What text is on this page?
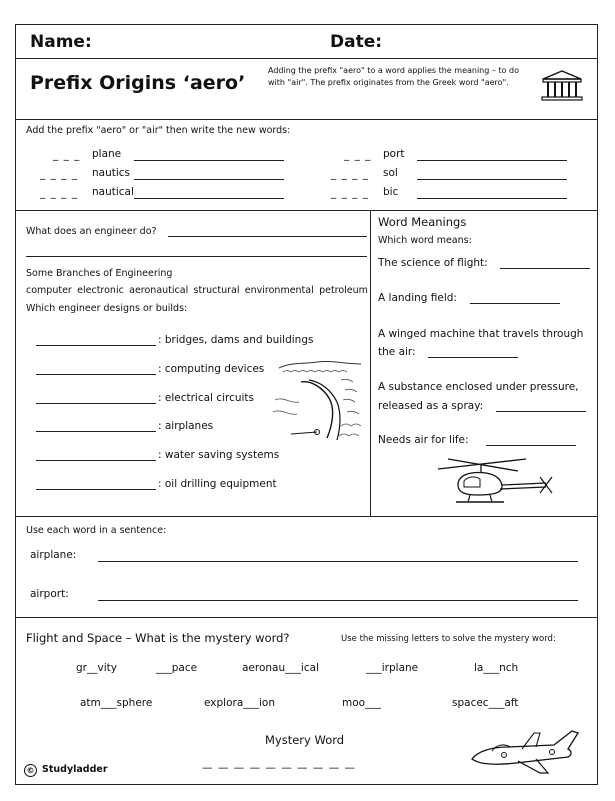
Name:	Date:
Prefix Origins ‘aero’
Adding the prefix "aero" to a word applies the meaning – to do with "air". The prefix originates from the Greek word "aero".
Add the prefix "aero" or "air" then write the new words:
_ _ _ plane
_ _ _ _ nautics
_ _ _ _ nautical
_ _ _ port
_ _ _ _ sol
_ _ _ _ bic
What does an engineer do?
Some Branches of Engineering
computer electronic aeronautical structural environmental petroleum
Which engineer designs or builds:
: bridges, dams and buildings
: computing devices
: electrical circuits
: airplanes
: water saving systems
: oil drilling equipment
Word Meanings
Which word means:
The science of flight:
A landing field:
A winged machine that travels through
the air:
A substance enclosed under pressure,
released as a spray:
Needs air for life:
Use each word in a sentence:
airplane:
airport:
Flight and Space – What is the mystery word?	Use the missing letters to solve the mystery word:
gr__vity	___pace	aeronau___ical	___irplane	la___nch
atm___sphere	explora___ion	moo___	spacec___aft
Mystery Word
— — — — — — — — — —
© Studyladder
